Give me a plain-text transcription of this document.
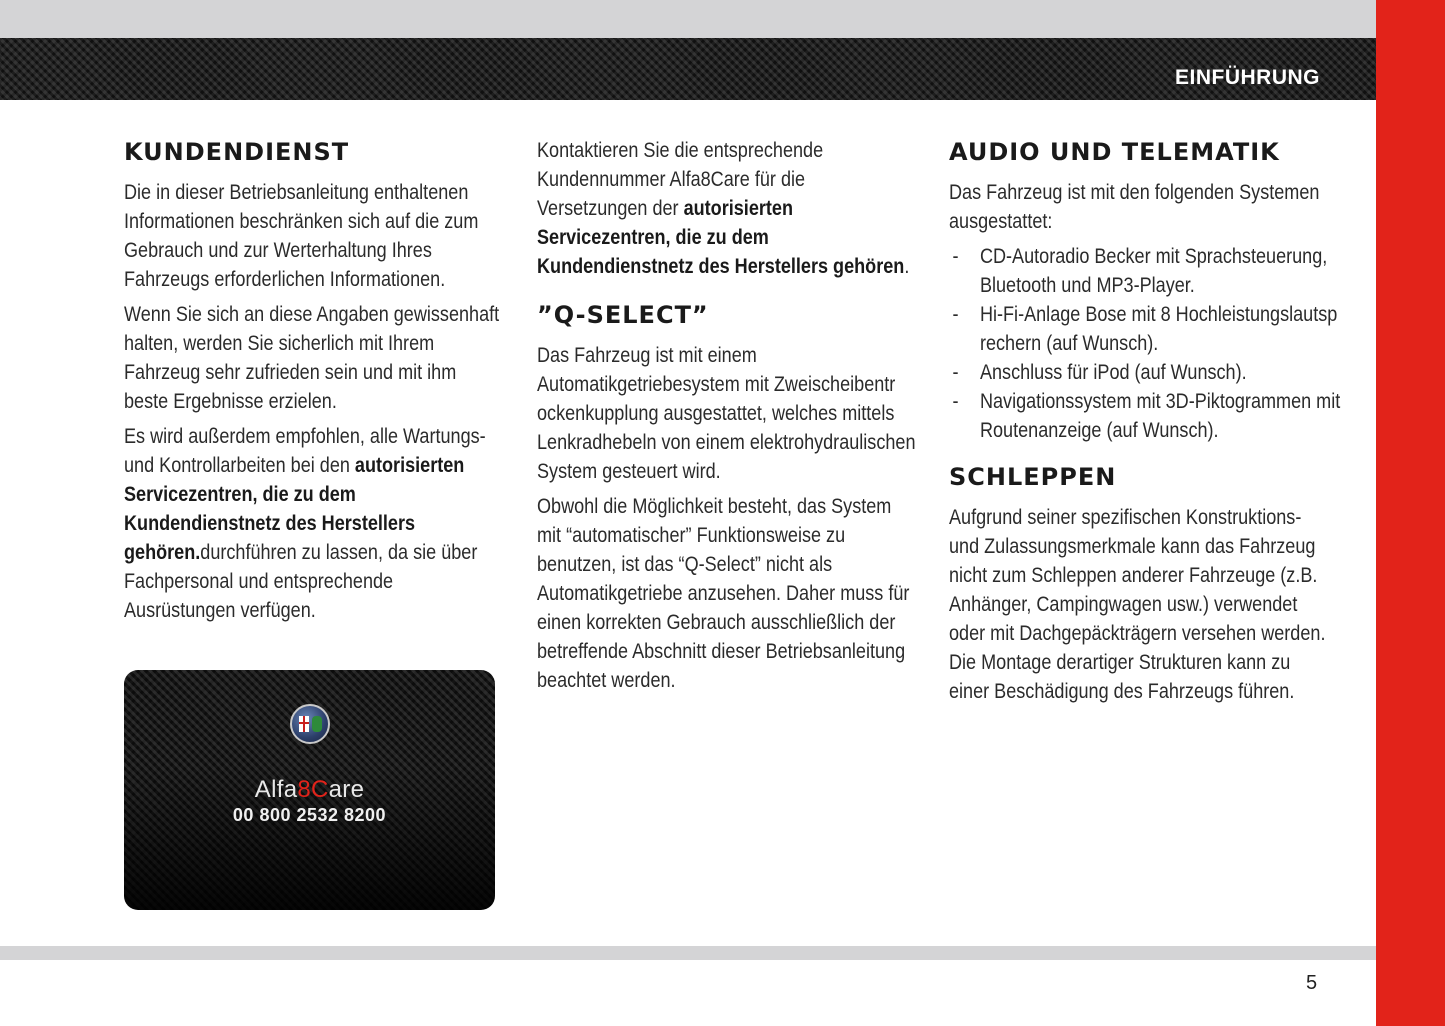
EINFÜHRUNG
KUNDENDIENST

Die in dieser Betriebsanleitung enthaltenen Informationen beschränken sich auf die zum Gebrauch und zur Werterhaltung Ihres Fahrzeugs erforderlichen Informationen.

Wenn Sie sich an diese Angaben gewissenhaft halten, werden Sie sicherlich mit Ihrem Fahrzeug sehr zufrieden sein und mit ihm beste Ergebnisse erzielen.

Es wird außerdem empfohlen, alle Wartungs- und Kontrollarbeiten bei den autorisierten Servicezentren, die zu dem Kundendienstnetz des Herstellers gehören.durchführen zu lassen, da sie über Fachpersonal und entsprechende Ausrüstungen verfügen.

Alfa8Care
00 800 2532 8200

Kontaktieren Sie die entsprechende Kundennummer Alfa8Care für die Versetzungen der autorisierten Servicezentren, die zu dem Kundendienstnetz des Herstellers gehören.

”Q-SELECT”

Das Fahrzeug ist mit einem Automatikgetriebesystem mit Zweischeibentr ockenkupplung ausgestattet, welches mittels Lenkradhebeln von einem elektrohydraulischen System gesteuert wird.

Obwohl die Möglichkeit besteht, das System mit “automatischer” Funktionsweise zu benutzen, ist das “Q-Select” nicht als Automatikgetriebe anzusehen. Daher muss für einen korrekten Gebrauch ausschließlich der betreffende Abschnitt dieser Betriebsanleitung beachtet werden.

AUDIO UND TELEMATIK

Das Fahrzeug ist mit den folgenden Systemen ausgestattet:

- CD-Autoradio Becker mit Sprachsteuerung, Bluetooth und MP3-Player.
- Hi-Fi-Anlage Bose mit 8 Hochleistungslautsp rechern (auf Wunsch).
- Anschluss für iPod (auf Wunsch).
- Navigationssystem mit 3D-Piktogrammen mit Routenanzeige (auf Wunsch).
SCHLEPPEN

Aufgrund seiner spezifischen Konstruktions- und Zulassungsmerkmale kann das Fahrzeug nicht zum Schleppen anderer Fahrzeuge (z.B. Anhänger, Campingwagen usw.) verwendet oder mit Dachgepäckträgern versehen werden. Die Montage derartiger Strukturen kann zu einer Beschädigung des Fahrzeugs führen.

5
